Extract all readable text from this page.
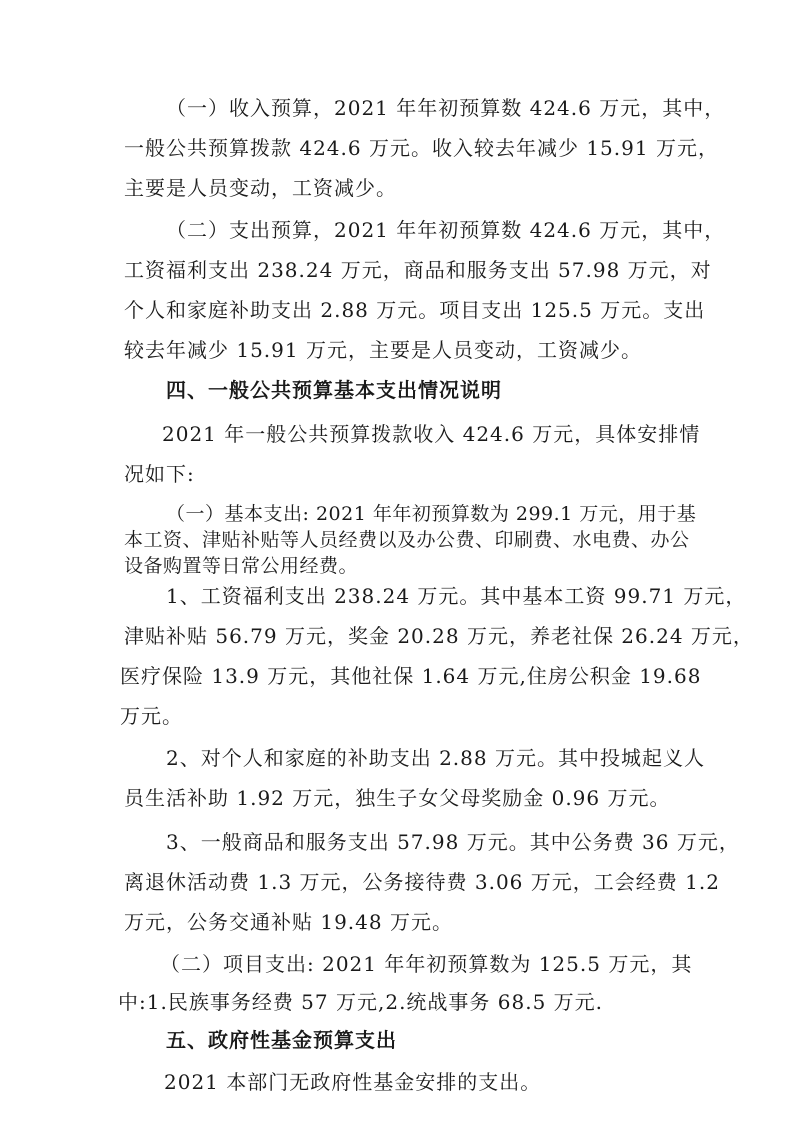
（一）收入预算，2021 年年初预算数 424.6 万元，其中，
一般公共预算拨款 424.6 万元。收入较去年减少 15.91 万元，
主要是人员变动，工资减少。
（二）支出预算，2021 年年初预算数 424.6 万元，其中，
工资福利支出 238.24 万元，商品和服务支出 57.98 万元，对
个人和家庭补助支出 2.88 万元。项目支出 125.5 万元。支出
较去年减少 15.91 万元，主要是人员变动，工资减少。
四、一般公共预算基本支出情况说明
2021 年一般公共预算拨款收入 424.6 万元，具体安排情
况如下:
（一）基本支出: 2021 年年初预算数为 299.1 万元，用于基
本工资、津贴补贴等人员经费以及办公费、印刷费、水电费、办公
设备购置等日常公用经费。
1、工资福利支出 238.24 万元。其中基本工资 99.71 万元，
津贴补贴 56.79 万元，奖金 20.28 万元，养老社保 26.24 万元，
医疗保险 13.9 万元，其他社保 1.64 万元,住房公积金 19.68
万元。
2、对个人和家庭的补助支出 2.88 万元。其中投城起义人
员生活补助 1.92 万元，独生子女父母奖励金 0.96 万元。
3、一般商品和服务支出 57.98 万元。其中公务费 36 万元，
离退休活动费 1.3 万元，公务接待费 3.06 万元，工会经费 1.2
万元，公务交通补贴 19.48 万元。
（二）项目支出: 2021 年年初预算数为 125.5 万元，其
中:1.民族事务经费 57 万元,2.统战事务 68.5 万元.
五、政府性基金预算支出
2021 本部门无政府性基金安排的支出。
